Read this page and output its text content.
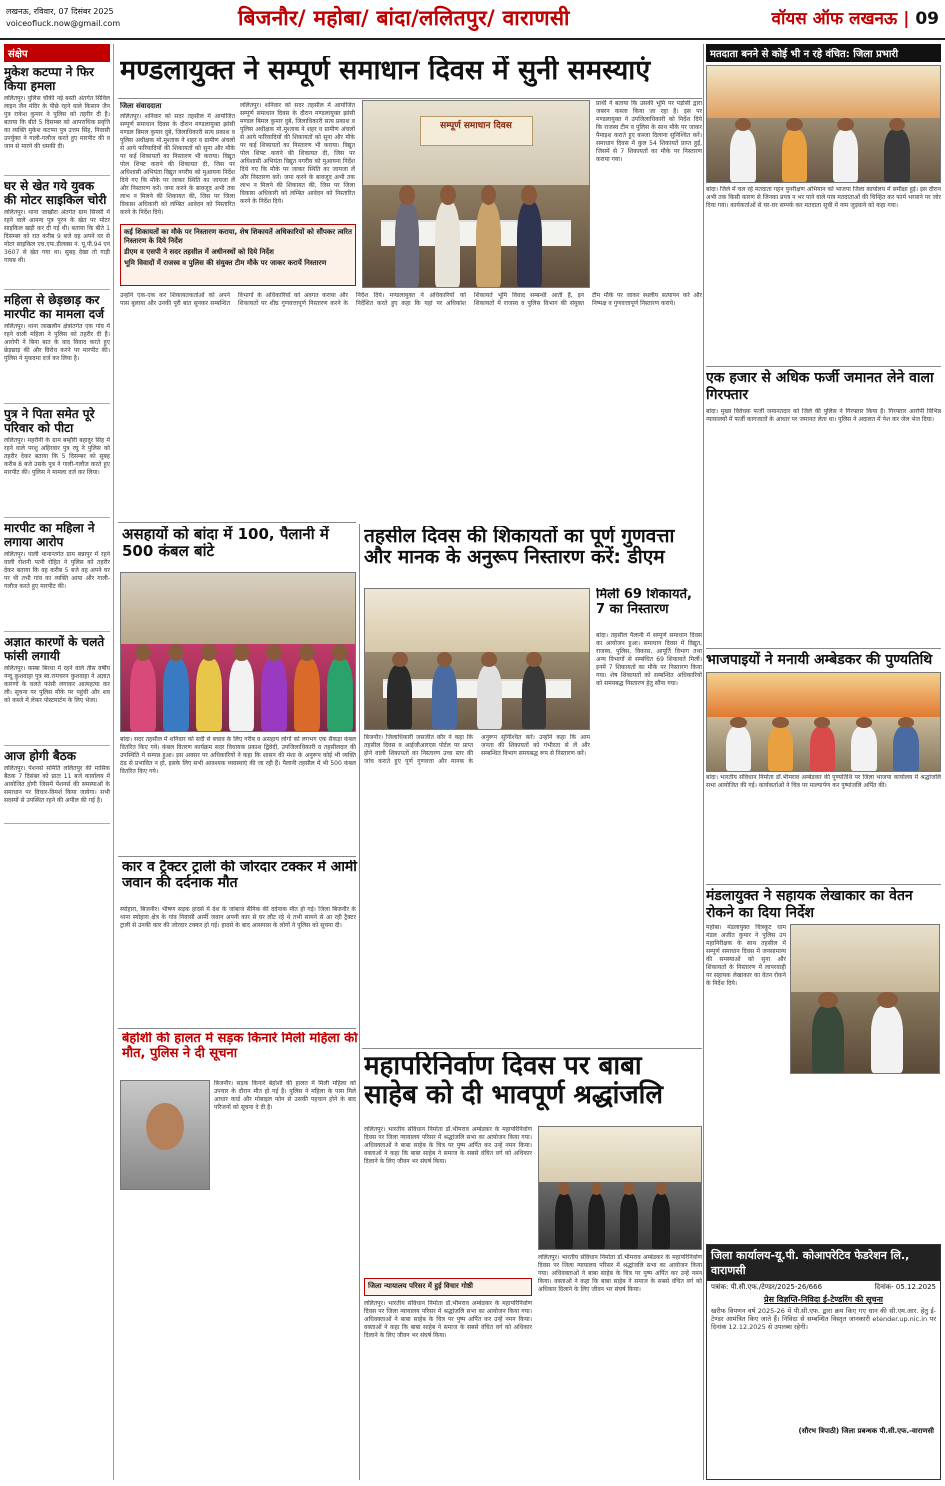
लखनऊ, रविवार, 07 दिसंबर 2025
voiceofluck.now@gmail.com	बिजनौर/ महोबा/ बांदा/ललितपुर/ वाराणसी	वॉयस ऑफ लखनऊ | 09
संक्षेप
मुकेश कटप्पा ने फिर किया हमला
ललितपुर। पुलिस चौकी नई बस्ती अंतर्गत सिविल लाइन जैन मंदिर के पीछे रहने वाले किसान जैन पुत्र राकेश कुमार ने पुलिस को तहरीर दी है। बताया कि बीते 5 दिसम्बर को आपराधिक प्रवृत्ति का व्यक्ति मुकेश कटप्पा पुत्र उत्तम सिंह, निवासी उपर्युक्त ने गाली-गलौज करते हुए मारपीट की व जान से मारने की धमकी दी।
घर से खेत गये युवक की मोटर साइकिल चोरी
ललितपुर। थाना जाखौरा अंतर्गत ग्राम सिरसी में रहने वाले आनन्द पुत्र पूरन के खेत पर मोटर साइकिल खड़ी कर दी गई थी। बताया कि बीते 1 दिसम्बर को रात करीब 9 बजे वह अपने घर से मोटर साइकिल एच.एफ.डीलक्स नं. यू.पी.94 एन 3607 से खेत गया था। सुबह देखा तो गाड़ी गायब थी।
महिला से छेड़छाड़ कर मारपीट का मामला दर्ज
ललितपुर। थाना जाखलौन क्षेत्रांतर्गत एक गांव में रहने वाली महिला ने पुलिस को तहरीर दी है। आरोपी ने बिना बात के वाद विवाद करते हुए छेड़छाड़ की और विरोध करने पर मारपीट की। पुलिस ने मुकदमा दर्ज कर लिया है।
पुत्र ने पिता समेत पूरे परिवार को पीटा
ललितपुर। महरौनी के ग्राम बम्हौरी बहादुर सिंह में रहने वाले परशु अहिरवार पुत्र रघु ने पुलिस को तहरीर देकर बताया कि 5 दिसम्बर को सुबह करीब 8 बजे उसके पुत्र ने गाली-गलौज करते हुए मारपीट की। पुलिस ने मामला दर्ज कर लिया।
मारपीट का महिला ने लगाया आरोप
ललितपुर। पाली थानान्तर्गत ग्राम बन्नापुर में रहने वाली रोशनी पत्नी रोहित ने पुलिस को तहरीर देकर बताया कि वह करीब 5 बजे वह अपने घर पर थी तभी गांव का व्यक्ति आया और गाली-गलौज करते हुए मारपीट की।
अज्ञात कारणों के चलते फांसी लगायी
ललितपुर। कस्बा बिरधा में रहने वाले तीस वर्षीय नन्दू कुशवाहा पुत्र स्व.रामचरन कुशवाहा ने अज्ञात कारणों के चलते फांसी लगाकर आत्महत्या कर ली। सूचना पर पुलिस मौके पर पहुंची और शव को कब्जे में लेकर पोस्टमार्टम के लिए भेजा।
आज होगी बैठक
ललितपुर। पेंशनर्स समिति ललितपुर की मासिक बैठक 7 दिसंबर को प्रातः 11 बजे कार्यालय में आयोजित होगी जिसमें पेंशनर्स की समस्याओं के समाधान पर विचार-विमर्श किया जायेगा। सभी सदस्यों से उपस्थित रहने की अपील की गई है।
मण्डलायुक्त ने सम्पूर्ण समाधान दिवस में सुनी समस्याएं
जिला संवाददाता
ललितपुर। शनिवार को सदर तहसील में आयोजित सम्पूर्ण समाधान दिवस के दौरान मण्डलायुक्त झांसी मण्डल बिमल कुमार दुबे, जिलाधिकारी सत्य प्रकाश व पुलिस अधीक्षक मो.मुश्ताक ने शहर व ग्रामीण अंचलों से आये फरियादियों की शिकायतों को सुना और मौके पर कई शिकायतों का निस्तारण भी कराया। विद्युत पोल शिफ्ट कराने की शिकायत दी, जिस पर अधिशासी अभियंता विद्युत नगरीय को मुआयना निर्देश दिये गए कि मौके पर जाकर स्थिति का जायजा लें और निस्तारण करें। जमा करने के बावजूद अभी तक लाभ न मिलने की शिकायत की, जिस पर जिला विकास अधिकारी को लम्बित आवेदन को निस्तारित करने के निर्देश दिये।
ललितपुर। शनिवार को सदर तहसील में आयोजित सम्पूर्ण समाधान दिवस के दौरान मण्डलायुक्त झांसी मण्डल बिमल कुमार दुबे, जिलाधिकारी सत्य प्रकाश व पुलिस अधीक्षक मो.मुश्ताक ने शहर व ग्रामीण अंचलों से आये फरियादियों की शिकायतों को सुना और मौके पर कई शिकायतों का निस्तारण भी कराया। विद्युत पोल शिफ्ट कराने की शिकायत दी, जिस पर अधिशासी अभियंता विद्युत नगरीय को मुआयना निर्देश दिये गए कि मौके पर जाकर स्थिति का जायजा लें और निस्तारण करें। जमा करने के बावजूद अभी तक लाभ न मिलने की शिकायत की, जिस पर जिला विकास अधिकारी को लम्बित आवेदन को निस्तारित करने के निर्देश दिये।

कई शिकायतों का मौके पर निस्तारण कराया, शेष शिकायतें अधिकारियों को सौंपकर त्वरित निस्तारण के दिये निर्देश

डीएम व एसपी ने सदर तहसील में अधीनस्थों को दिये निर्देश

भूमि विवादों में राजस्व व पुलिस की संयुक्त टीम मौके पर जाकर करायें निस्तारण

सम्पूर्ण समाधान दिवस
प्रार्थी ने बताया कि उसकी भूमि पर पड़ोसी द्वारा जबरन कब्जा किया जा रहा है। इस पर मण्डलायुक्त ने उपजिलाधिकारी को निर्देश दिये कि राजस्व टीम व पुलिस के साथ मौके पर जाकर पैमाइश कराते हुए कब्जा दिलाना सुनिश्चित करें। समाधान दिवस में कुल 54 शिकायतें प्राप्त हुईं, जिसमें से 7 शिकायतों का मौके पर निस्तारण कराया गया।
उन्होंने एक-एक कर शिकायतकर्ताओं को अपने पास बुलाया और उनकी पूरी बात सुनकर सम्बन्धित विभागों के अधिकारियों को अवगत कराया और शिकायतों पर शीघ्र गुणवत्तापूर्ण निस्तारण करने के निर्देश दिये। मण्डलायुक्त ने अधिकारियों को निर्देशित करते हुए कहा कि यहां पर अधिकांश शिकायतें भूमि विवाद सम्बन्धी आती हैं, इन शिकायतों में राजस्व व पुलिस विभाग की संयुक्त टीम मौके पर जाकर स्थलीय सत्यापन करे और निष्पक्ष व गुणवत्तापूर्ण निस्तारण कराये।
असहायों को बांदा में 100, पैलानी में 500 कंबल बांटे
बांदा। सदर तहसील में शनिवार को सर्दी से बचाव के लिए गरीब व असहाय लोगों को लगभग एक सैकड़ा कंबल वितरित किए गये। कंबल वितरण कार्यक्रम सदर विधायक प्रकाश द्विवेदी, उपजिलाधिकारी व तहसीलदार की उपस्थिति में सम्पन्न हुआ। इस अवसर पर अधिकारियों ने कहा कि शासन की मंशा के अनुरूप कोई भी व्यक्ति ठंड से प्रभावित न हो, इसके लिए सभी आवश्यक व्यवस्थाएं की जा रही हैं। पैलानी तहसील में भी 500 कंबल वितरित किए गये।
कार व ट्रैक्टर ट्राली की जोरदार टक्कर में आर्मी जवान की दर्दनाक मौत
स्योहारा, बिजनौर। भीषण सड़क हादसे में देश के जांबाज सैनिक की दर्दनाक मौत हो गई। जिला बिजनौर के थाना स्योहारा क्षेत्र के गांव निवासी आर्मी जवान अपनी कार से घर लौट रहे थे तभी सामने से आ रही ट्रैक्टर ट्राली से उनकी कार की जोरदार टक्कर हो गई। हादसे के बाद आसपास के लोगों ने पुलिस को सूचना दी।
बेहोशी की हालत में सड़क किनारे मिली महिला की मौत, पुलिस ने दी सूचना
बिजनौर। सड़क किनारे बेहोशी की हालत में मिली महिला को उपचार के दौरान मौत हो गई है। पुलिस ने महिला के पास मिले आधार कार्ड और मोबाइल फोन से उसकी पहचान होने के बाद परिजनों को सूचना दे दी है।
तहसील दिवस की शिकायतों का पूर्ण गुणवत्ता और मानक के अनुरूप निस्तारण करें: डीएम
मिलीं 69 शिकायतें, 7 का निस्तारण
बांदा। तहसील पैलानी में सम्पूर्ण समाधान दिवस का आयोजन हुआ। समाधान दिवस में विद्युत, राजस्व, पुलिस, विकास, आपूर्ति विभाग तथा अन्य विभागों से सम्बंधित 69 शिकायतें मिलीं। इनमें 7 शिकायतों का मौके पर निस्तारण किया गया। शेष शिकायतों को सम्बन्धित अधिकारियों को समयबद्ध निस्तारण हेतु सौंपा गया।
बिजनौर। जिलाधिकारी जसजीत कौर ने कहा कि तहसील दिवस व आईजीआरएस पोर्टल पर प्राप्त होने वाली शिकायतों का निस्तारण उच्च स्तर की जांच कराते हुए पूर्ण गुणवत्ता और मानक के अनुरूप सुनिश्चित करें। उन्होंने कहा कि आम जनता की शिकायतों को गंभीरता से लें और सम्बन्धित विभाग समयबद्ध रूप से निस्तारण करें।
महापरिनिर्वाण दिवस पर बाबा साहेब को दी भावपूर्ण श्रद्धांजलि
ललितपुर। भारतीय संविधान निर्माता डॉ.भीमराव अम्बेडकर के महापरिनिर्वाण दिवस पर जिला न्यायालय परिसर में श्रद्धांजलि सभा का आयोजन किया गया। अधिवक्ताओं ने बाबा साहेब के चित्र पर पुष्प अर्पित कर उन्हें नमन किया। वक्ताओं ने कहा कि बाबा साहेब ने समाज के सबसे वंचित वर्ग को अधिकार दिलाने के लिए जीवन भर संघर्ष किया।

जिला न्यायालय परिसर में हुई विचार गोष्ठी

ललितपुर। भारतीय संविधान निर्माता डॉ.भीमराव अम्बेडकर के महापरिनिर्वाण दिवस पर जिला न्यायालय परिसर में श्रद्धांजलि सभा का आयोजन किया गया। अधिवक्ताओं ने बाबा साहेब के चित्र पर पुष्प अर्पित कर उन्हें नमन किया। वक्ताओं ने कहा कि बाबा साहेब ने समाज के सबसे वंचित वर्ग को अधिकार दिलाने के लिए जीवन भर संघर्ष किया।
ललितपुर। भारतीय संविधान निर्माता डॉ.भीमराव अम्बेडकर के महापरिनिर्वाण दिवस पर जिला न्यायालय परिसर में श्रद्धांजलि सभा का आयोजन किया गया। अधिवक्ताओं ने बाबा साहेब के चित्र पर पुष्प अर्पित कर उन्हें नमन किया। वक्ताओं ने कहा कि बाबा साहेब ने समाज के सबसे वंचित वर्ग को अधिकार दिलाने के लिए जीवन भर संघर्ष किया।
मतदाता बनने से कोई भी न रहे वंचित: जिला प्रभारी
बांदा। जिले में चल रहे मतदाता गहन पुनरीक्षण अभियान को भाजपा जिला कार्यालय में समीक्षा हुई। इस दौरान अभी तक किसी कारण से जिनका प्रपत्र न भर पाने वाले पात्र मतदाताओं की चिन्हित कर फार्म भरवाने पर जोर दिया गया। कार्यकर्ताओं से घर-घर सम्पर्क कर मतदाता सूची में नाम जुड़वाने को कहा गया।
एक हजार से अधिक फर्जी जमानत लेने वाला गिरफ्तार
बांदा। मुख्य विवेचक फर्जी जमानतदार को जिले की पुलिस ने गिरफ्तार किया है। गिरफ्तार आरोपी विभिन्न न्यायालयों में फर्जी कागजातों के आधार पर जमानत लेता था। पुलिस ने अदालत में पेश कर जेल भेज दिया।
भाजपाइयों ने मनायी अम्बेडकर की पुण्यतिथि
बांदा। भारतीय संविधान निर्माता डॉ.भीमराव अम्बेडकर की पुण्यतिथि पर जिला भाजपा कार्यालय में श्रद्धांजलि सभा आयोजित की गई। कार्यकर्ताओं ने चित्र पर माल्यार्पण कर पुष्पांजलि अर्पित की।
मंडलायुक्त ने सहायक लेखाकार का वेतन रोकने का दिया निर्देश
महोबा। मंडलायुक्त चित्रकूट धाम मंडल अजीत कुमार ने पुलिस उप महानिरीक्षक के साथ तहसील में सम्पूर्ण समाधान दिवस में जनसामान्य की समस्याओं को सुना और शिकायतों के निस्तारण में लापरवाही पर सहायक लेखाकार का वेतन रोकने के निर्देश दिये।
जिला कार्यालय-यू.पी. कोआपरेटिव फेडरेशन लि., वाराणसी
पत्रांक: पी.सी.एफ./टेण्डर/2025-26/666	दिनांक- 05.12.2025
प्रेस विज्ञप्ति-निविदा ई-टेण्डरिंग की सूचना
खरीफ विपणन वर्ष 2025-26 में पी.सी.एफ. द्वारा क्रय किए गए धान की सी.एम.आर. हेतु ई-टेण्डर आमंत्रित किए जाते हैं। निविदा से सम्बन्धित विस्तृत जानकारी etender.up.nic.in पर दिनांक 12.12.2025 से उपलब्ध रहेगी।
(सौरभ त्रिपाठी) जिला प्रबन्धक पी.सी.एफ.-वाराणसी
